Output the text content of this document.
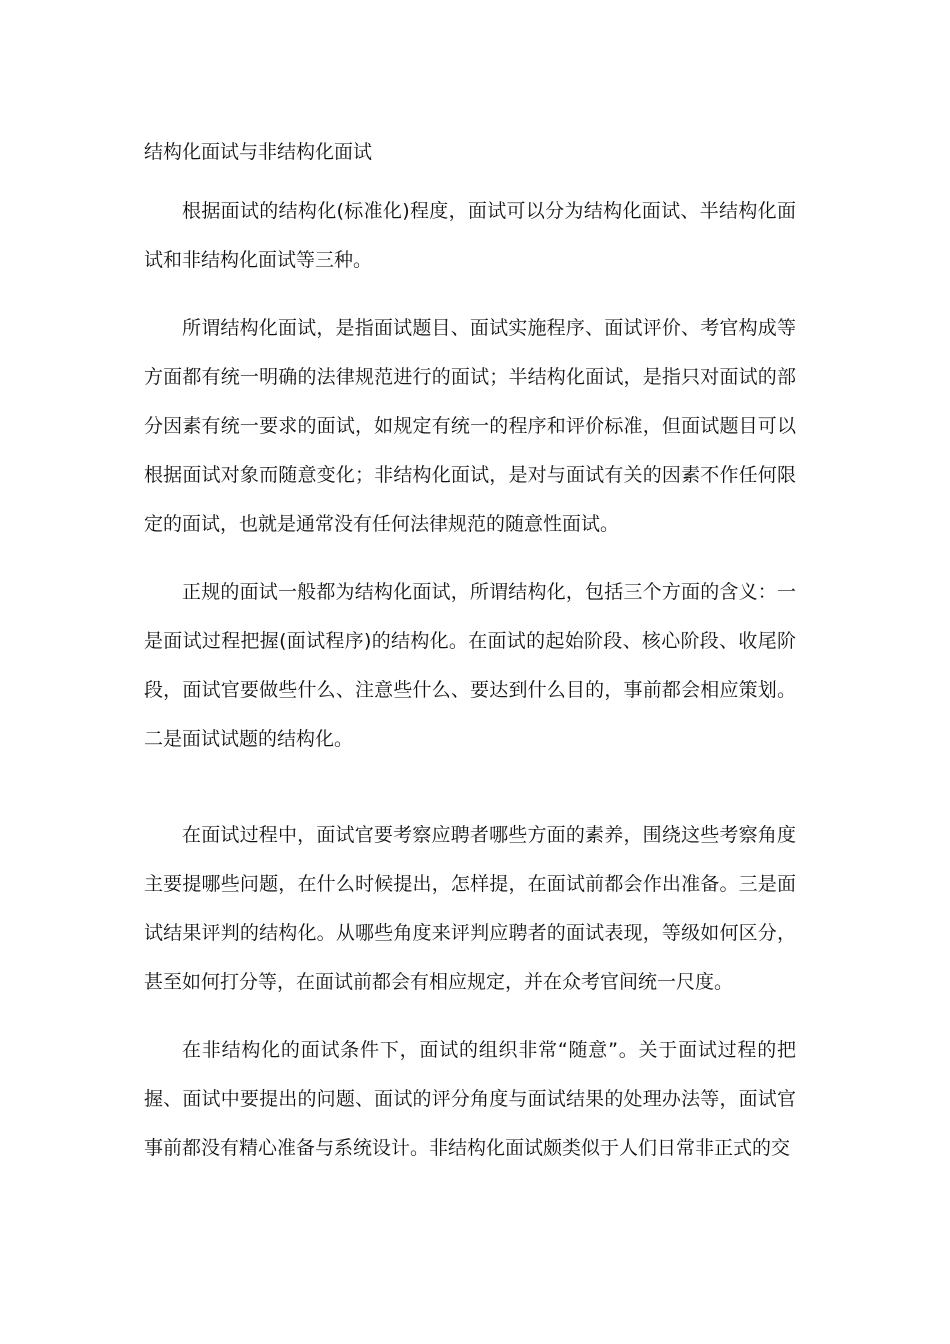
结构化面试与非结构化面试

根据面试的结构化(标准化)程度，面试可以分为结构化面试、半结构化面试和非结构化面试等三种。

所谓结构化面试，是指面试题目、面试实施程序、面试评价、考官构成等方面都有统一明确的法律规范进行的面试；半结构化面试，是指只对面试的部分因素有统一要求的面试，如规定有统一的程序和评价标准，但面试题目可以根据面试对象而随意变化；非结构化面试，是对与面试有关的因素不作任何限定的面试，也就是通常没有任何法律规范的随意性面试。

正规的面试一般都为结构化面试，所谓结构化，包括三个方面的含义：一是面试过程把握(面试程序)的结构化。在面试的起始阶段、核心阶段、收尾阶段，面试官要做些什么、注意些什么、要达到什么目的，事前都会相应策划。二是面试试题的结构化。

在面试过程中，面试官要考察应聘者哪些方面的素养，围绕这些考察角度主要提哪些问题，在什么时候提出，怎样提，在面试前都会作出准备。三是面试结果评判的结构化。从哪些角度来评判应聘者的面试表现，等级如何区分，甚至如何打分等，在面试前都会有相应规定，并在众考官间统一尺度。

在非结构化的面试条件下，面试的组织非常“随意”。关于面试过程的把握、面试中要提出的问题、面试的评分角度与面试结果的处理办法等，面试官事前都没有精心准备与系统设计。非结构化面试颇类似于人们日常非正式的交
